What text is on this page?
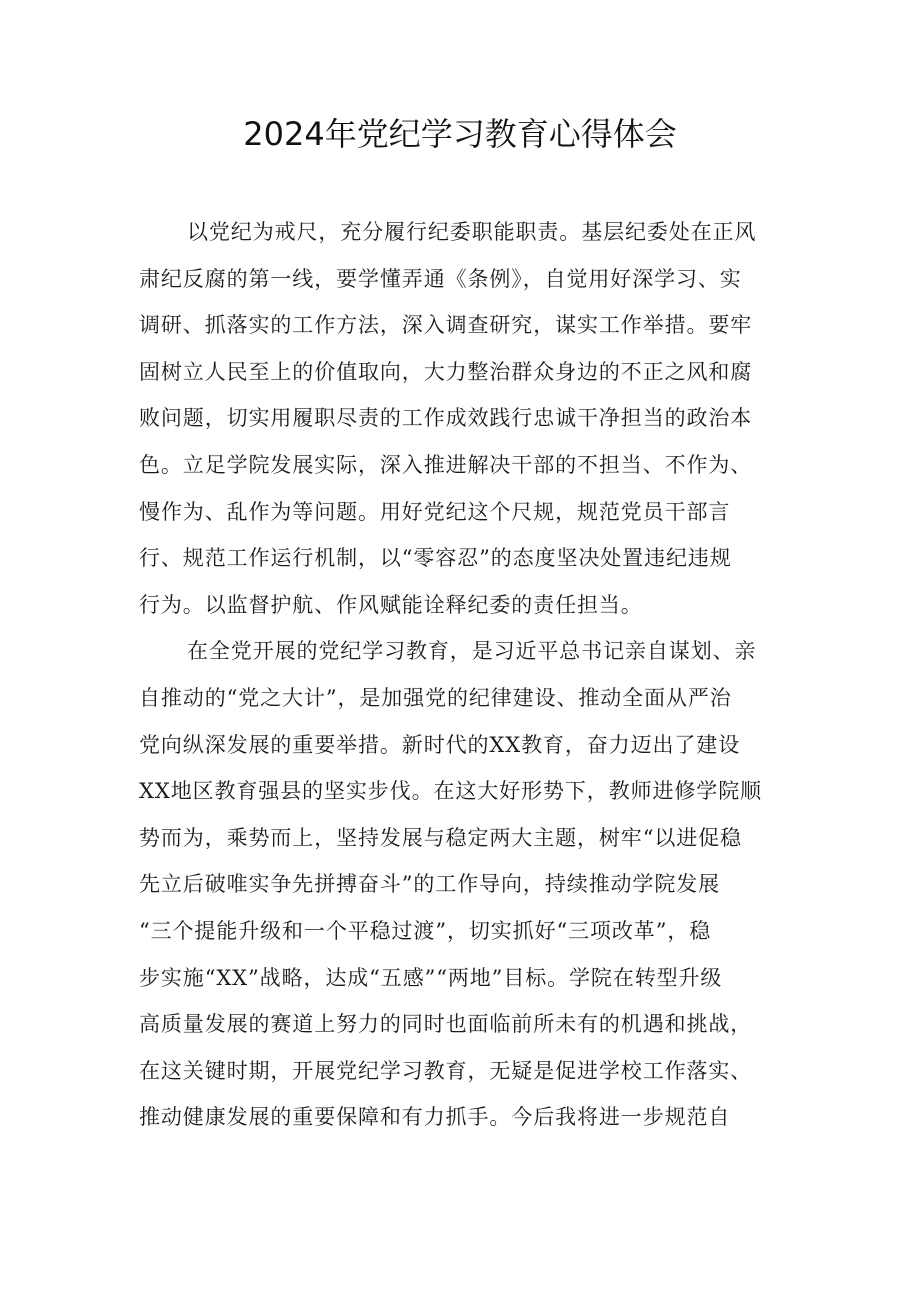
2024年党纪学习教育心得体会
以党纪为戒尺，充分履行纪委职能职责。基层纪委处在正风
肃纪反腐的第一线，要学懂弄通《条例》，自觉用好深学习、实
调研、抓落实的工作方法，深入调查研究，谋实工作举措。要牢
固树立人民至上的价值取向，大力整治群众身边的不正之风和腐
败问题，切实用履职尽责的工作成效践行忠诚干净担当的政治本
色。立足学院发展实际，深入推进解决干部的不担当、不作为、
慢作为、乱作为等问题。用好党纪这个尺规，规范党员干部言
行、规范工作运行机制，以“零容忍”的态度坚决处置违纪违规
行为。以监督护航、作风赋能诠释纪委的责任担当。
在全党开展的党纪学习教育，是习近平总书记亲自谋划、亲
自推动的“党之大计”，是加强党的纪律建设、推动全面从严治
党向纵深发展的重要举措。新时代的XX教育，奋力迈出了建设
XX地区教育强县的坚实步伐。在这大好形势下，教师进修学院顺
势而为，乘势而上，坚持发展与稳定两大主题，树牢“以进促稳
先立后破唯实争先拼搏奋斗”的工作导向，持续推动学院发展
“三个提能升级和一个平稳过渡”，切实抓好“三项改革”，稳
步实施“XX”战略，达成“五感”“两地”目标。学院在转型升级
高质量发展的赛道上努力的同时也面临前所未有的机遇和挑战，
在这关键时期，开展党纪学习教育，无疑是促进学校工作落实、
推动健康发展的重要保障和有力抓手。今后我将进一步规范自
